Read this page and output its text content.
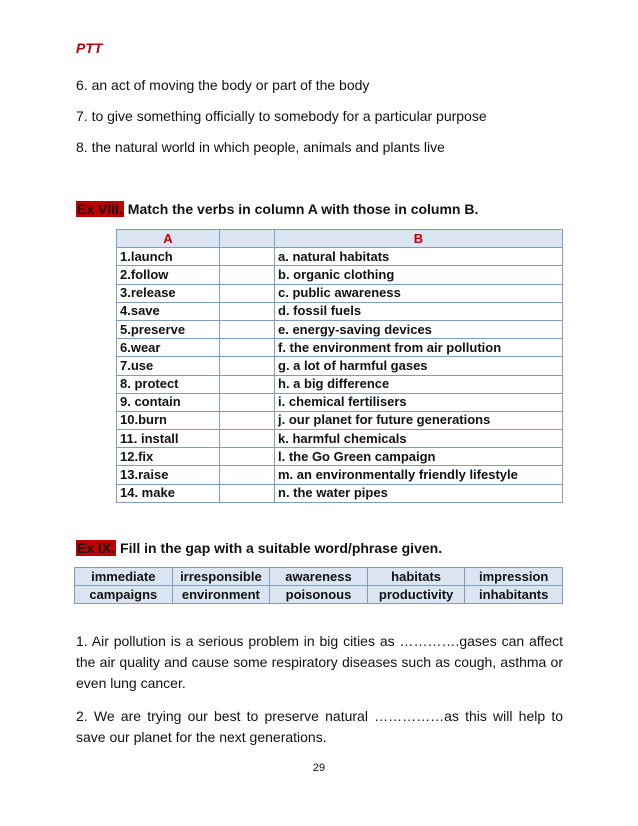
PTT
6. an act of moving the body or part of the body
7. to give something officially to somebody for a particular purpose
8. the natural world in which people, animals and plants live
Ex VIII. Match the verbs in column A with those in column B.
A		B
1.launch		a. natural habitats
2.follow		b. organic clothing
3.release		c. public awareness
4.save		d. fossil fuels
5.preserve		e. energy-saving devices
6.wear		f. the environment from air pollution
7.use		g. a lot of harmful gases
8. protect		h. a big difference
9. contain		i. chemical fertilisers
10.burn		j. our planet for future generations
11. install		k. harmful chemicals
12.fix		l. the Go Green campaign
13.raise		m. an environmentally friendly lifestyle
14. make		n. the water pipes
Ex IX. Fill in the gap with a suitable word/phrase given.
immediate	irresponsible	awareness	habitats	impression
campaigns	environment	poisonous	productivity	inhabitants
1. Air pollution is a serious problem in big cities as ………….gases can affect the air quality and cause some respiratory diseases such as cough, asthma or even lung cancer.
2. We are trying our best to preserve natural ……………as this will help to save our planet for the next generations.
29
